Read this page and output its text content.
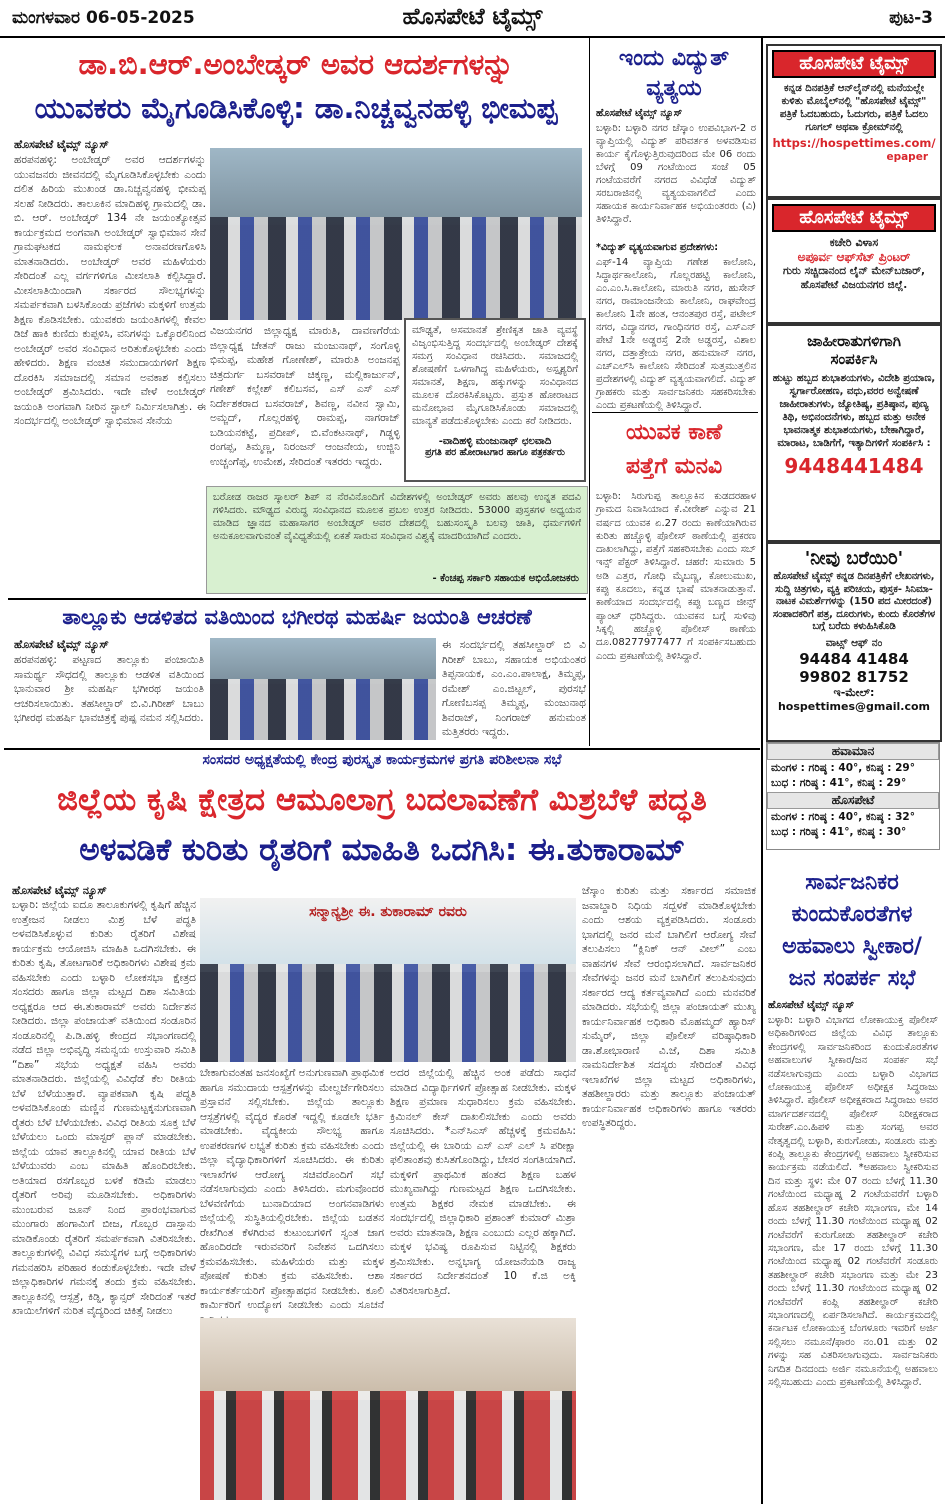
ಮಂಗಳವಾರ 06-05-2025	ಹೊಸಪೇಟೆ ಟೈಮ್ಸ್	ಪುಟ-3
ಡಾ.ಬಿ.ಆರ್.ಅಂಬೇಡ್ಕರ್ ಅವರ ಆದರ್ಶಗಳನ್ನು
ಯುವಕರು ಮೈಗೂಡಿಸಿಕೊಳ್ಳಿ: ಡಾ.ನಿಚ್ಚವ್ವನಹಳ್ಳಿ ಭೀಮಪ್ಪ
ಹೊಸಪೇಟೆ ಟೈಮ್ಸ್ ನ್ಯೂಸ್
ಹರಪನಹಳ್ಳಿ: ಅಂಬೇಡ್ಕರ್ ಅವರ ಆದರ್ಶಗಳನ್ನು ಯುವಜನರು ಜೀವನದಲ್ಲಿ ಮೈಗೂಡಿಸಿಕೊಳ್ಳಬೇಕು ಎಂದು ದಲಿತ ಹಿರಿಯ ಮುಖಂಡ ಡಾ.ನಿಚ್ಚವ್ವನಹಳ್ಳಿ ಭೀಮಪ್ಪ ಸಲಹೆ ನೀಡಿದರು. ತಾಲೂಕಿನ ಮಾದಿಹಳ್ಳಿ ಗ್ರಾಮದಲ್ಲಿ ಡಾ. ಬಿ. ಆರ್. ಅಂಬೇಡ್ಕರ್ 134 ನೇ ಜಯಂತ್ಯೋತ್ಸವ ಕಾರ್ಯಕ್ರಮದ ಅಂಗವಾಗಿ ಅಂಬೇಡ್ಕರ್ ಸ್ವಾಭಿಮಾನ ಸೇನೆ ಗ್ರಾಮಘಟಕದ ನಾಮಫಲಕ ಅನಾವರಣಗೊಳಿಸಿ ಮಾತನಾಡಿದರು. ಅಂಬೇಡ್ಕರ್ ಅವರ ಮಹಿಳೆಯರು ಸೇರಿದಂತೆ ಎಲ್ಲ ವರ್ಗಗಳಿಗೂ ಮೀಸಲಾತಿ ಕಲ್ಪಿಸಿದ್ದಾರೆ. ಮೀಸಲಾತಿಯಿಂದಾಗಿ ಸರ್ಕಾರದ ಸೌಲಭ್ಯಗಳನ್ನು ಸಮರ್ಪಕವಾಗಿ ಬಳಸಿಕೊಂಡು ಪ್ರಜೆಗಳು ಮಕ್ಕಳಿಗೆ ಉತ್ತಮ ಶಿಕ್ಷಣ ಕೊಡಿಸಬೇಕು. ಯುವಕರು ಜಯಂತಿಗಳಲ್ಲಿ ಕೇವಲ ಡಿಜೆ ಹಾಕಿ ಕುಣಿದು ಕುಪ್ಪಳಿಸಿ, ವನಿಗಳನ್ನು ಒಕ್ಕೊರಲಿನಿಂದ ಅಂಬೇಡ್ಕರ್ ಅವರ ಸಂವಿಧಾನ ಅರಿತುಕೊಳ್ಳಬೇಕು ಎಂದು ಹೇಳಿದರು. ಶಿಕ್ಷಣ ವಂಚಿತ ಸಮುದಾಯಗಳಿಗೆ ಶಿಕ್ಷಣ ದೊರಕಿಸಿ ಸಮಾಜದಲ್ಲಿ ಸಮಾನ ಅವಕಾಶ ಕಲ್ಪಿಸಲು ಅಂಬೇಡ್ಕರ್ ಶ್ರಮಿಸಿದರು. ಇದೇ ವೇಳೆ ಅಂಬೇಡ್ಕರ್ ಜಯಂತಿ ಅಂಗವಾಗಿ ನೀರಿನ ಸ್ಟಾಲ್ ನಿರ್ಮಿಸಲಾಗಿತ್ತು. ಈ ಸಂದರ್ಭದಲ್ಲಿ ಅಂಬೇಡ್ಕರ್ ಸ್ವಾಭಿಮಾನ ಸೇನೆಯ
ವಿಜಯನಗರ ಜಿಲ್ಲಾಧ್ಯಕ್ಷ ಮಾರುತಿ, ದಾವಣಗೆರೆಯ ಜಿಲ್ಲಾಧ್ಯಕ್ಷ ಚೇತನ್ ರಾಜು ಮಂಜುನಾಥ್, ಸಂಗೊಳ್ಳಿ ಭಿಮಪ್ಪ, ಮಹೇಶ ಗೋಣೇಶ್, ಮಾರುತಿ ಅಂಜನಪ್ಪ ಚಿತ್ರದುರ್ಗ ಬಸವರಾಜ್ ಚಿಕ್ಕಣ್ಣ, ಮಲ್ಲಿಕಾರ್ಜುನ್, ಗಣೇಶ್ ಕಲ್ಲೇಶ್ ಕಲಿಬಸವ, ಎಸ್ ಎಸ್ ಎಸ್ ನಿರ್ದೇಶಕರಾದ ಬಸವರಾಜ್, ಶಿವಣ್ಣ, ನವೀನ ಸ್ವಾಮಿ, ಅಮ್ಜದ್, ಗೊಲ್ಲರಹಳ್ಳಿ ರಾಮಪ್ಪ, ನಾಗರಾಜ್ ಬಡಿಯನಕಟ್ಟೆ, ಪ್ರದೀಪ್, ಬಿ.ವೆಂಕಟನಾಥ್, ಗಿಡ್ಡಳ್ಳಿ ರಂಗಪ್ಪ, ತಿಮ್ಮಣ್ಣ, ನಿರಂಜನ್ ಆಂಜನೇಯ, ಉಜ್ಜಿನಿ ಉಚ್ಚಂಗೆಪ್ಪ, ಉಮೇಶ, ಸೇರಿದಂತೆ ಇತರರು ಇದ್ದರು.
ಮೌಢ್ಯತೆ, ಅಸಮಾನತೆ ಶ್ರೇಣಿಕೃತ ಜಾತಿ ವ್ಯವಸ್ಥೆ ವಿಜೃಂಭಿಸುತ್ತಿದ್ದ ಸಂದರ್ಭದಲ್ಲಿ ಅಂಬೇಡ್ಕರ್ ದೇಶಕ್ಕೆ ಸಮಗ್ರ ಸಂವಿಧಾನ ರಚಿಸಿದರು. ಸಮಾಜದಲ್ಲಿ ಶೋಷಣೆಗೆ ಒಳಗಾಗಿದ್ದ ಮಹಿಳೆಯರು, ಅಸ್ಪೃಶ್ಯರಿಗೆ ಸಮಾನತೆ, ಶಿಕ್ಷಣ, ಹಕ್ಕುಗಳನ್ನು ಸಂವಿಧಾನದ ಮೂಲಕ ದೊರಕಿಸಿಕೊಟ್ಟರು. ಪ್ರಸ್ತುತ ಹೋರಾಟದ ಮನೋಭಾವ ಮೈಗೂಡಿಸಿಕೊಂಡು ಸಮಾಜದಲ್ಲಿ ಮಾನ್ಯತೆ ಪಡೆದುಕೊಳ್ಳಬೇಕು ಎಂದು ಕರೆ ನೀಡಿದರು.
-ವಾದಿಹಳ್ಳಿ ಮಂಜುನಾಥ್ ಛಲವಾದಿ
ಪ್ರಗತಿ ಪರ ಹೋರಾಟಗಾರ ಹಾಗೂ ಪತ್ರಕರ್ತರು
ಬರೋಡ ರಾಜರ ಸ್ಕಾಲರ್ ಶಿಪ್ ನ ನೆರವಿನೊಂದಿಗೆ ವಿದೇಶಗಳಲ್ಲಿ ಅಂಬೇಡ್ಕರ್ ಅವರು ಹಲವು ಉನ್ನತ ಪದವಿ ಗಳಿಸಿದರು. ಮೌಢ್ಯದ ವಿರುದ್ಧ ಸಂವಿಧಾನದ ಮೂಲಕ ಪ್ರಬಲ ಉತ್ತರ ನೀಡಿದರು. 53000 ಪುಸ್ತಕಗಳ ಅಧ್ಯಯನ ಮಾಡಿದ ಜ್ಞಾನದ ಮಹಾಸಾಗರ ಅಂಬೇಡ್ಕರ್ ಅವರ ದೇಶದಲ್ಲಿ ಬಹುಸಂಸ್ಕೃತಿ ಬಲವು ಜಾತಿ, ಧರ್ಮಗಳಿಗೆ ಅನುಕೂಲವಾಗುವಂತೆ ವೈವಿಧ್ಯತೆಯಲ್ಲಿ ಏಕತೆ ಸಾರುವ ಸಂವಿಧಾನ ವಿಶ್ವಕ್ಕೆ ಮಾದರಿಯಾಗಿದೆ ಎಂದರು.
- ಕೆಂಚಪ್ಪ ಸರ್ಕಾರಿ ಸಹಾಯಕ ಅಭಿಯೋಜಕರು
ತಾಲ್ಲೂಕು ಆಡಳಿತದ ವತಿಯಿಂದ ಭಗೀರಥ ಮಹರ್ಷಿ ಜಯಂತಿ ಆಚರಣೆ
ಹೊಸಪೇಟೆ ಟೈಮ್ಸ್ ನ್ಯೂಸ್
ಹರಪನಹಳ್ಳಿ: ಪಟ್ಟಣದ ತಾಲ್ಲೂಕು ಪಂಚಾಯಿತಿ ಸಾಮರ್ಥ್ಯ ಸೌಧದಲ್ಲಿ ತಾಲ್ಲೂಕು ಆಡಳಿತ ವತಿಯಿಂದ ಭಾನುವಾರ ಶ್ರೀ ಮಹರ್ಷಿ ಭಗೀರಥ ಜಯಂತಿ ಆಚರಿಸಲಾಯಿತು. ತಹಸೀಲ್ದಾರ್ ಬಿ.ವಿ.ಗಿರೀಶ್ ಬಾಬು ಭಗೀರಥ ಮಹರ್ಷಿ ಭಾವಚಿತ್ರಕ್ಕೆ ಪುಷ್ಪ ನಮನ ಸಲ್ಲಿಸಿದರು.
ಈ ಸಂದರ್ಭದಲ್ಲಿ ತಹಸೀಲ್ದಾರ್ ಬಿ ವಿ ಗಿರೀಶ್ ಬಾಬು, ಸಹಾಯಕ ಅಭಿಯಂತರ ತಿಪ್ಪನಾಯಕ, ಎಂ.ಎಂ.ಪಾಲಾಕ್ಷ, ತಿಮ್ಮಪ್ಪ, ರಮೇಶ್ ಎಂ.ಜಿಟ್ಟಲ್, ಪುರಸಭೆ ಗೋಣಿಬಸಪ್ಪ ತಿಮ್ಮಪ್ಪ, ಮಂಜುನಾಥ ಶಿವರಾಜ್, ನಿಂಗರಾಜ್ ಹನುಮಂತ ಮತ್ತಿತರರು ಇದ್ದರು.
ಇಂದು ವಿದ್ಯುತ್
ವ್ಯತ್ಯಯ
ಹೊಸಪೇಟೆ ಟೈಮ್ಸ್ ನ್ಯೂಸ್
ಬಳ್ಳಾರಿ: ಬಳ್ಳಾರಿ ನಗರ ಜೆಸ್ಕಾಂ ಉಪವಿಭಾಗ-2 ರ ವ್ಯಾಪ್ತಿಯಲ್ಲಿ ವಿದ್ಯುತ್ ಪರಿವರ್ತಕ ಅಳವಡಿಸುವ ಕಾರ್ಯ ಕೈಗೊಳ್ಳುತ್ತಿರುವುದರಿಂದ ಮೇ 06 ರಂದು ಬೆಳಗ್ಗೆ 09 ಗಂಟೆಯಿಂದ ಸಂಜೆ 05 ಗಂಟೆಯವರೆಗೆ ನಗರದ ವಿವಿಧೆಡೆ ವಿದ್ಯುತ್ ಸರಬರಾಜಿನಲ್ಲಿ ವ್ಯತ್ಯಯವಾಗಲಿದೆ ಎಂದು ಸಹಾಯಕ ಕಾರ್ಯನಿರ್ವಾಹಕ ಅಭಿಯಂತರರು (ವಿ) ತಿಳಿಸಿದ್ದಾರೆ.
*ವಿದ್ಯುತ್ ವ್ಯತ್ಯಯವಾಗುವ ಪ್ರದೇಶಗಳು:
ಎಫ್-14 ವ್ಯಾಪ್ತಿಯ ಗಣೇಶ ಕಾಲೋನಿ, ಸಿದ್ಧಾರ್ಥಕಾಲೋನಿ, ಗೊಲ್ಲರಹಟ್ಟಿ ಕಾಲೋನಿ, ಎಂ.ಎಂ.ಸಿ.ಕಾಲೋನಿ, ಮಾರುತಿ ನಗರ, ಹುಸೇನ್ ನಗರ, ರಾಮಾಂಜನೇಯ ಕಾಲೋನಿ, ರಾಘವೇಂದ್ರ ಕಾಲೋನಿ 1ನೇ ಹಂತ, ಆನಂತಪುರ ರಸ್ತೆ, ಪಟೇಲ್ ನಗರ, ವಿದ್ಯಾನಗರ, ಗಾಂಧಿನಗರ ರಸ್ತೆ, ಎಸ್‌ಎನ್ ಪೇಟೆ 1ನೇ ಅಡ್ಡರಸ್ತೆ 2ನೇ ಅಡ್ಡರಸ್ತೆ, ವಿಶಾಲ ನಗರ, ದತ್ತಾತ್ರೇಯ ನಗರ, ಹನುಮಾನ್ ನಗರ, ಎಚ್‌ಎಲ್‌ಸಿ ಕಾಲೋನಿ ಸೇರಿದಂತೆ ಸುತ್ತಮುತ್ತಲಿನ ಪ್ರದೇಶಗಳಲ್ಲಿ ವಿದ್ಯುತ್ ವ್ಯತ್ಯಯವಾಗಲಿದೆ. ವಿದ್ಯುತ್ ಗ್ರಾಹಕರು ಮತ್ತು ಸಾರ್ವಜನಿಕರು ಸಹಕರಿಸಬೇಕು ಎಂದು ಪ್ರಕಟಣೆಯಲ್ಲಿ ತಿಳಿಸಿದ್ದಾರೆ.
ಯುವಕ ಕಾಣೆ
ಪತ್ತೆಗೆ ಮನವಿ
ಬಳ್ಳಾರಿ: ಸಿರುಗುಪ್ಪ ತಾಲ್ಲೂಕಿನ ಕುಡದರಹಾಳ ಗ್ರಾಮದ ನಿವಾಸಿಯಾದ ಕೆ.ವೀರೇಶ್ ಎನ್ನುವ 21 ವರ್ಷದ ಯುವಕ ಏ.27 ರಂದು ಕಾಣೆಯಾಗಿರುವ ಕುರಿತು ಹಚ್ಚೊಳ್ಳಿ ಪೊಲೀಸ್ ಠಾಣೆಯಲ್ಲಿ ಪ್ರಕರಣ ದಾಖಲಾಗಿದ್ದು, ಪತ್ತೆಗೆ ಸಹಕರಿಸಬೇಕು ಎಂದು ಸಬ್ ಇನ್ಸ್ ಪೆಕ್ಟರ್ ತಿಳಿಸಿದ್ದಾರೆ. ಚಹರೆ: ಸುಮಾರು 5 ಅಡಿ ಎತ್ತರ, ಗೋಧಿ ಮೈಬಣ್ಣ, ಕೋಲುಮುಖ, ಕಪ್ಪು ಕೂದಲು, ಕನ್ನಡ ಭಾಷೆ ಮಾತನಾಡುತ್ತಾನೆ. ಕಾಣೆಯಾದ ಸಂದರ್ಭದಲ್ಲಿ ಕಪ್ಪು ಬಣ್ಣದ ಜೀನ್ಸ್ ಪ್ಯಾಂಟ್ ಧರಿಸಿದ್ದರು. ಯುವಕನ ಬಗ್ಗೆ ಸುಳಿವು ಸಿಕ್ಕಲ್ಲಿ ಹಚ್ಚೊಳ್ಳಿ ಪೊಲೀಸ್ ಠಾಣೆಯ ದೂ.08277977477 ಗೆ ಸಂಪರ್ಕಿಸಬಹುದು ಎಂದು ಪ್ರಕಟಣೆಯಲ್ಲಿ ತಿಳಿಸಿದ್ದಾರೆ.
ಹೊಸಪೇಟೆ ಟೈಮ್ಸ್
ಕನ್ನಡ ದಿನಪತ್ರಿಕೆ ಆನ್‌ಲೈನ್‌ನಲ್ಲಿ ಮನೆಯಲ್ಲೇ ಕುಳಿತು ಮೊಬೈಲ್‌ನಲ್ಲಿ "ಹೊಸಪೇಟೆ ಟೈಮ್ಸ್" ಪತ್ರಿಕೆ ಓದಬಹುದು, ಓದುಗರು, ಪತ್ರಿಕೆ ಓದಲು ಗೂಗಲ್ ಅಥವಾ ಕ್ರೋಮ್‌ನಲ್ಲಿ
https://hospettimes.com/
epaper
ಹೊಸಪೇಟೆ ಟೈಮ್ಸ್
ಕಚೇರಿ ವಿಳಾಸ
ಅಪೂರ್ವ ಆಫ್‌ಸೆಟ್ ಪ್ರಿಂಟರ್
ಗುರು ಸಚ್ಚಿದಾನಂದ ಲೈನ್ ಮೇನ್‌ಬಜಾರ್, ಹೊಸಪೇಟೆ ವಿಜಯನಗರ ಜಿಲ್ಲೆ.
ಜಾಹೀರಾತುಗಳಿಗಾಗಿ
ಸಂಪರ್ಕಿಸಿ
ಹುಟ್ಟು ಹಬ್ಬದ ಶುಭಾಶಯಗಳು, ವಿದೇಶಿ ಪ್ರಯಾಣ, ಸ್ವರ್ಗಾರೋಹಣ, ವಧು,ವರರ ಅನ್ವೇಷಣೆ ಜಾಹೀರಾತುಗಳು, ಜ್ಯೋತಿಷ್ಯ, ಪ್ರತಿಷ್ಠಾನ, ಪುಣ್ಯ ತಿಥಿ, ಅಭಿನಂದನೆಗಳು, ಹಬ್ಬದ ಮತ್ತು ಅನೇಕ ಭಾವನಾತ್ಮಕ ಶುಭಾಶಯಗಳು, ಬೇಕಾಗಿದ್ದಾರೆ, ಮಾರಾಟ, ಬಾಡಿಗೆಗೆ, ಇತ್ಯಾದಿಗಳಿಗೆ ಸಂಪರ್ಕಿಸಿ :
9448441484
'ನೀವು ಬರೆಯಿರಿ'
ಹೊಸಪೇಟೆ ಟೈಮ್ಸ್ ಕನ್ನಡ ದಿನಪತ್ರಿಕೆಗೆ ಲೇಖನಗಳು, ಸುದ್ದಿ ಚಿತ್ರಗಳು, ವ್ಯಕ್ತಿ ಪರಿಚಯ, ಪುಸ್ತಕ- ಸಿನಿಮಾ-ನಾಟಕ ವಿಮರ್ಶೆಗಳನ್ನು (150 ಪದ ಮೀರದಂತೆ) ಸಂಪಾದಕರಿಗೆ ಪತ್ರ, ದೂರುಗಳು, ಕುಂದು ಕೊರತೆಗಳ ಬಗ್ಗೆ ಬರೆದು ಕಳುಹಿಸಿಕೊಡಿ
ವಾಟ್ಸ್ ಆಫ್ ನಂ
94484 41484
99802 81752
ಇ-ಮೇಲ್: hospettimes@gmail.com
ಹವಾಮಾನ
ಮಂಗಳ : ಗರಿಷ್ಠ : 40°, ಕನಿಷ್ಠ : 29°
ಬುಧ : ಗರಿಷ್ಠ : 41°, ಕನಿಷ್ಠ : 29°
ಹೊಸಪೇಟೆ
ಮಂಗಳ : ಗರಿಷ್ಠ : 40°, ಕನಿಷ್ಠ : 32°
ಬುಧ : ಗರಿಷ್ಠ : 41°, ಕನಿಷ್ಠ : 30°
ಸಾರ್ವಜನಿಕರ
ಕುಂದುಕೊರತೆಗಳ
ಅಹವಾಲು ಸ್ವೀಕಾರ/
ಜನ ಸಂಪರ್ಕ ಸಭೆ
ಹೊಸಪೇಟೆ ಟೈಮ್ಸ್ ನ್ಯೂಸ್
ಬಳ್ಳಾರಿ: ಬಳ್ಳಾರಿ ವಿಭಾಗದ ಲೋಕಾಯುಕ್ತ ಪೊಲೀಸ್ ಅಧಿಕಾರಿಗಳಿಂದ ಜಿಲ್ಲೆಯ ವಿವಿಧ ತಾಲ್ಲೂಕು ಕೇಂದ್ರಗಳಲ್ಲಿ ಸಾರ್ವಜನಿಕರಿಂದ ಕುಂದುಕೊರತೆಗಳ ಅಹವಾಲುಗಳ ಸ್ವೀಕಾರ/ಜನ ಸಂಪರ್ಕ ಸಭೆ ನಡೆಸಲಾಗುವುದು ಎಂದು ಬಳ್ಳಾರಿ ವಿಭಾಗದ ಲೋಕಾಯುಕ್ತ ಪೊಲೀಸ್ ಅಧೀಕ್ಷಕ ಸಿದ್ಧರಾಜು ತಿಳಿಸಿದ್ದಾರೆ. ಪೊಲೀಸ್ ಅಧೀಕ್ಷಕರಾದ ಸಿದ್ಧರಾಜು ಅವರ ಮಾರ್ಗದರ್ಶನದಲ್ಲಿ ಪೊಲೀಸ್ ನಿರೀಕ್ಷಕರಾದ ಸುರೇಶ್.ಎಂ.ಹಿಪಳಿ ಮತ್ತು ಸಂಗಪ್ಪ ಅವರ ನೇತೃತ್ವದಲ್ಲಿ ಬಳ್ಳಾರಿ, ಕುರುಗೋಡು, ಸಂಡೂರು ಮತ್ತು ಕಂಪ್ಲಿ ತಾಲ್ಲೂಕು ಕೇಂದ್ರಗಳಲ್ಲಿ ಅಹವಾಲು ಸ್ವೀಕರಿಸುವ ಕಾರ್ಯಕ್ರಮ ನಡೆಯಲಿದೆ. *ಅಹವಾಲು ಸ್ವೀಕರಿಸುವ ದಿನ ಮತ್ತು ಸ್ಥಳ: ಮೇ 07 ರಂದು ಬೆಳಗ್ಗೆ 11.30 ಗಂಟೆಯಿಂದ ಮಧ್ಯಾಹ್ನ 2 ಗಂಟೆಯವರೆಗೆ ಬಳ್ಳಾರಿ ಹೊಸ ತಹಶೀಲ್ದಾರ್ ಕಚೇರಿ ಸಭಾಂಗಣ, ಮೇ 14 ರಂದು ಬೆಳಗ್ಗೆ 11.30 ಗಂಟೆಯಿಂದ ಮಧ್ಯಾಹ್ನ 02 ಗಂಟೆವರೆಗೆ ಕುರುಗೋಡು ತಹಶೀಲ್ದಾರ್ ಕಚೇರಿ ಸಭಾಂಗಣ, ಮೇ 17 ರಂದು ಬೆಳಗ್ಗೆ 11.30 ಗಂಟೆಯಿಂದ ಮಧ್ಯಾಹ್ನ 02 ಗಂಟೆವರೆಗೆ ಸಂಡೂರು ತಹಶೀಲ್ದಾರ್ ಕಚೇರಿ ಸಭಾಂಗಣ ಮತ್ತು ಮೇ 23 ರಂದು ಬೆಳಗ್ಗೆ 11.30 ಗಂಟೆಯಿಂದ ಮಧ್ಯಾಹ್ನ 02 ಗಂಟೆವರೆಗೆ ಕಂಪ್ಲಿ ತಹಶೀಲ್ದಾರ್ ಕಚೇರಿ ಸಭಾಂಗಣದಲ್ಲಿ ಏರ್ಪಡಿಸಲಾಗಿದೆ. ಕಾರ್ಯಕ್ರಮದಲ್ಲಿ ಕರ್ನಾಟಕ ಲೋಕಾಯುಕ್ತ ಬೆಂಗಳೂರು ಇವರಿಗೆ ಅರ್ಜಿ ಸಲ್ಲಿಸಲು ನಮೂನೆ/ಫಾರಂ ನಂ.01 ಮತ್ತು 02 ಗಳನ್ನು ಸಹ ವಿತರಿಸಲಾಗುವುದು. ಸಾರ್ವಜನಿಕರು ನಿಗದಿತ ದಿನದಂದು ಅರ್ಜಿ ನಮೂನೆಯಲ್ಲಿ ಅಹವಾಲು ಸಲ್ಲಿಸಬಹುದು ಎಂದು ಪ್ರಕಟಣೆಯಲ್ಲಿ ತಿಳಿಸಿದ್ದಾರೆ.
ಸಂಸದರ ಅಧ್ಯಕ್ಷತೆಯಲ್ಲಿ ಕೇಂದ್ರ ಪುರಸ್ಕೃತ ಕಾರ್ಯಕ್ರಮಗಳ ಪ್ರಗತಿ ಪರಿಶೀಲನಾ ಸಭೆ
ಜಿಲ್ಲೆಯ ಕೃಷಿ ಕ್ಷೇತ್ರದ ಆಮೂಲಾಗ್ರ ಬದಲಾವಣೆಗೆ ಮಿಶ್ರಬೆಳೆ ಪದ್ಧತಿ
ಅಳವಡಿಕೆ ಕುರಿತು ರೈತರಿಗೆ ಮಾಹಿತಿ ಒದಗಿಸಿ: ಈ.ತುಕಾರಾಮ್
ಹೊಸಪೇಟೆ ಟೈಮ್ಸ್ ನ್ಯೂಸ್
ಬಳ್ಳಾರಿ: ಜಿಲ್ಲೆಯ ಐದೂ ತಾಲೂಕುಗಳಲ್ಲಿ ಕೃಷಿಗೆ ಹೆಚ್ಚಿನ ಉತ್ತೇಜನ ನೀಡಲು ಮಿಶ್ರ ಬೆಳೆ ಪದ್ಧತಿ ಅಳವಡಿಸಿಕೊಳ್ಳುವ ಕುರಿತು ರೈತರಿಗೆ ವಿಶೇಷ ಕಾರ್ಯಕ್ರಮ ಆಯೋಜಿಸಿ ಮಾಹಿತಿ ಒದಗಿಸಬೇಕು. ಈ ಕುರಿತು ಕೃಷಿ, ತೋಟಗಾರಿಕೆ ಅಧಿಕಾರಿಗಳು ವಿಶೇಷ ಕ್ರಮ ವಹಿಸಬೇಕು ಎಂದು ಬಳ್ಳಾರಿ ಲೋಕಸಭಾ ಕ್ಷೇತ್ರದ ಸಂಸದರು ಹಾಗೂ ಜಿಲ್ಲಾ ಮಟ್ಟದ ದಿಶಾ ಸಮಿತಿಯ ಅಧ್ಯಕ್ಷರೂ ಆದ ಈ.ತುಕಾರಾಮ್ ಅವರು ನಿರ್ದೇಶನ ನೀಡಿದರು. ಜಿಲ್ಲಾ ಪಂಚಾಯತ್ ವತಿಯಿಂದ ಸಂಡೂರಿನ ಸಂಡೂರಿನಲ್ಲಿ ಪಿ.ಡಿ.ಹಳ್ಳಿ ಕೇಂದ್ರದ ಸಭಾಂಗಣದಲ್ಲಿ ನಡೆದ ಜಿಲ್ಲಾ ಅಭಿವೃದ್ಧಿ ಸಮನ್ವಯ ಉಸ್ತುವಾರಿ ಸಮಿತಿ “ದಿಶಾ” ಸಭೆಯ ಅಧ್ಯಕ್ಷತೆ ವಹಿಸಿ ಅವರು ಮಾತನಾಡಿದರು. ಜಿಲ್ಲೆಯಲ್ಲಿ ವಿವಿಧೆಡೆ ಕೆಲ ರೀತಿಯ ಬೆಳೆ ಬೆಳೆಯುತ್ತಾರೆ. ವ್ಯಾಪಕವಾಗಿ ಕೃಷಿ ಪದ್ಧತಿ ಅಳವಡಿಸಿಕೊಂಡು ಮಣ್ಣಿನ ಗುಣಮಟ್ಟಕ್ಕನುಗುಣವಾಗಿ ರೈತರು ಬೆಳೆ ಬೆಳೆಯಬೇಕು. ವಿವಿಧ ರೀತಿಯ ಸೂಕ್ತ ಬೆಳೆ ಬೆಳೆಯಲು ಒಂದು ಮಾಸ್ಟರ್ ಪ್ಲಾನ್ ಮಾಡಬೇಕು. ಜಿಲ್ಲೆಯ ಯಾವ ತಾಲ್ಲೂಕಿನಲ್ಲಿ ಯಾವ ರೀತಿಯ ಬೆಳೆ ಬೆಳೆಯುವರು ಎಂಬ ಮಾಹಿತಿ ಹೊಂದಿರಬೇಕು. ಅತಿಯಾದ ರಸಗೊಬ್ಬರ ಬಳಕೆ ಕಡಿಮೆ ಮಾಡಲು ರೈತರಿಗೆ ಅರಿವು ಮೂಡಿಸಬೇಕು. ಅಧಿಕಾರಿಗಳು ಮುಂಬರುವ ಜೂನ್ ನಿಂದ ಪ್ರಾರಂಭವಾಗುವ ಮುಂಗಾರು ಹಂಗಾಮಿಗೆ ಬೀಜ, ಗೊಬ್ಬರ ದಾಸ್ತಾನು ಮಾಡಿಕೊಂಡು ರೈತರಿಗೆ ಸಮರ್ಪಕವಾಗಿ ವಿತರಿಸಬೇಕು. ತಾಲ್ಲೂಕುಗಳಲ್ಲಿ ವಿವಿಧ ಸಮಸ್ಯೆಗಳ ಬಗ್ಗೆ ಅಧಿಕಾರಿಗಳು ಗಮನಹರಿಸಿ ಪರಿಹಾರ ಕಂಡುಕೊಳ್ಳಬೇಕು. ಇದೇ ವೇಳೆ ಜಿಲ್ಲಾಧಿಕಾರಿಗಳ ಗಮನಕ್ಕೆ ತಂದು ಕ್ರಮ ವಹಿಸಬೇಕು. ತಾಲ್ಲೂಕಿನಲ್ಲಿ ಆಸ್ಪತ್ರೆ, ಕಿಡ್ನಿ, ಕ್ಯಾನ್ಸರ್ ಸೇರಿದಂತೆ ಇತರೆ ಖಾಯಿಲೆಗಳಿಗೆ ನುರಿತ ವೈದ್ಯರಿಂದ ಚಿಕಿತ್ಸೆ ನೀಡಲು
ಸನ್ಮಾನ್ಯಶ್ರೀ ಈ. ತುಕಾರಾಮ್ ರವರು
ಬೇಕಾಗುವಂತಹ ಜನಸಂಖ್ಯೆಗೆ ಅನುಗುಣವಾಗಿ ಪ್ರಾಥಮಿಕ ಹಾಗೂ ಸಮುದಾಯ ಆಸ್ಪತ್ರೆಗಳನ್ನು ಮೇಲ್ದರ್ಜೆಗೇರಿಸಲು ಪ್ರಸ್ತಾವನೆ ಸಲ್ಲಿಸಬೇಕು. ಜಿಲ್ಲೆಯ ತಾಲ್ಲೂಕು ಆಸ್ಪತ್ರೆಗಳಲ್ಲಿ ವೈದ್ಯರ ಕೊರತೆ ಇದ್ದಲ್ಲಿ ಕೂಡಲೇ ಭರ್ತಿ ಮಾಡಬೇಕು. ವೈದ್ಯಕೀಯ ಸೌಲಭ್ಯ ಹಾಗೂ ಉಪಕರಣಗಳ ಲಭ್ಯತೆ ಕುರಿತು ಕ್ರಮ ವಹಿಸಬೇಕು ಎಂದು ಜಿಲ್ಲಾ ವೈದ್ಯಾಧಿಕಾರಿಗಳಿಗೆ ಸೂಚಿಸಿದರು. ಈ ಕುರಿತು ಇಲಾಖೆಗಳ ಆರೋಗ್ಯ ಸಚಿವರೊಂದಿಗೆ ಸಭೆ ನಡೆಸಲಾಗುವುದು ಎಂದು ತಿಳಿಸಿದರು. ಮಗುವೊಂದರ ಬೆಳವಣಿಗೆಯ ಬುನಾದಿಯಾದ ಅಂಗನವಾಡಿಗಳು ಜಿಲ್ಲೆಯಲ್ಲಿ ಸುಸ್ಥಿತಿಯಲ್ಲಿರಬೇಕು. ಜಿಲ್ಲೆಯ ಬಡತನ ರೇಖೆಗಿಂತ ಕೆಳಗಿರುವ ಕುಟುಂಬಗಳಿಗೆ ಸ್ವಂತ ಜಾಗ ಹೊಂದಿರದೇ ಇರುವವರಿಗೆ ನಿವೇಶನ ಒದಗಿಸಲು ಕ್ರಮವಹಿಸಬೇಕು. ಮಹಿಳೆಯರು ಮತ್ತು ಮಕ್ಕಳ ಪೋಷಣೆ ಕುರಿತು ಕ್ರಮ ವಹಿಸಬೇಕು. ಆಶಾ ಕಾರ್ಯಕರ್ತೆಯರಿಗೆ ಪ್ರೋತ್ಸಾಹಧನ ನೀಡಬೇಕು. ಕೂಲಿ ಕಾರ್ಮಿಕರಿಗೆ ಉದ್ಯೋಗ ನೀಡಬೇಕು ಎಂದು ಸೂಚನೆ
ಅದರ ಜಿಲ್ಲೆಯಲ್ಲಿ ಹೆಚ್ಚಿನ ಅಂಕ ಪಡೆದು ಸಾಧನೆ ಮಾಡಿದ ವಿದ್ಯಾರ್ಥಿಗಳಿಗೆ ಪ್ರೋತ್ಸಾಹ ನೀಡಬೇಕು. ಮಕ್ಕಳ ಶಿಕ್ಷಣ ಪ್ರಮಾಣ ಸುಧಾರಿಸಲು ಕ್ರಮ ವಹಿಸಬೇಕು. ಕ್ರಿಮಿನಲ್ ಕೇಸ್ ದಾಖಲಿಸಬೇಕು ಎಂದು ಅವರು ಸೂಚಿಸಿದರು. *ಎನ್‌ಸಿಎಸ್ ಹೆಚ್ಚಳಕ್ಕೆ ಕ್ರಮವಹಿಸಿ: ಜಿಲ್ಲೆಯಲ್ಲಿ ಈ ಬಾರಿಯ ಎಸ್ ಎಸ್ ಎಲ್ ಸಿ ಪರೀಕ್ಷಾ ಫಲಿತಾಂಶವು ಕುಸಿತಗೊಂಡಿದ್ದು, ಬೇಸರ ಸಂಗತಿಯಾಗಿದೆ. ಮಕ್ಕಳಿಗೆ ಪ್ರಾಥಮಿಕ ಹಂತದ ಶಿಕ್ಷಣ ಬಹಳ ಮುಖ್ಯವಾಗಿದ್ದು ಗುಣಮಟ್ಟದ ಶಿಕ್ಷಣ ಒದಗಿಸಬೇಕು. ಉತ್ತಮ ಶಿಕ್ಷಕರ ನೇಮಕ ಮಾಡಬೇಕು. ಈ ಸಂದರ್ಭದಲ್ಲಿ ಜಿಲ್ಲಾಧಿಕಾರಿ ಪ್ರಶಾಂತ್ ಕುಮಾರ್ ಮಿಶ್ರಾ ಅವರು ಮಾತನಾಡಿ, ಶಿಕ್ಷಣ ಎಂಬುದು ಎಲ್ಲರ ಹಕ್ಕಾಗಿದೆ. ಮಕ್ಕಳ ಭವಿಷ್ಯ ರೂಪಿಸುವ ನಿಟ್ಟಿನಲ್ಲಿ ಶಿಕ್ಷಕರು ಶ್ರಮಿಸಬೇಕು. ಅನ್ನಭಾಗ್ಯ ಯೋಜನೆಯಡಿ ರಾಜ್ಯ ಸರ್ಕಾರದ ನಿರ್ದೇಶನದಂತೆ 10 ಕೆ.ಜಿ ಅಕ್ಕಿ ವಿತರಿಸಲಾಗುತ್ತಿದೆ.
ಜೆಸ್ಕಾಂ ಕುರಿತು ಮತ್ತು ಸರ್ಕಾರದ ಸಮಾಜಿಕ ಜವಾಬ್ದಾರಿ ನಿಧಿಯ ಸದ್ಬಳಕೆ ಮಾಡಿಕೊಳ್ಳಬೇಕು ಎಂದು ಆಶಯ ವ್ಯಕ್ತಪಡಿಸಿದರು. ಸಂಡೂರು ಭಾಗದಲ್ಲಿ ಜನರ ಮನೆ ಬಾಗಿಲಿಗೆ ಆರೋಗ್ಯ ಸೇವೆ ತಲುಪಿಸಲು “ಕ್ಲಿನಿಕ್ ಆನ್ ವೀಲ್” ಎಂಬ ವಾಹನಗಳ ಸೇವೆ ಆರಂಭಿಸಲಾಗಿದೆ. ಸಾರ್ವಜನಿಕರ ಸೇವೆಗಳನ್ನು ಜನರ ಮನೆ ಬಾಗಿಲಿಗೆ ತಲುಪಿಸುವುದು ಸರ್ಕಾರದ ಆದ್ಯ ಕರ್ತವ್ಯವಾಗಿದೆ ಎಂದು ಮನವರಿಕೆ ಮಾಡಿದರು. ಸಭೆಯಲ್ಲಿ ಜಿಲ್ಲಾ ಪಂಚಾಯತ್ ಮುಖ್ಯ ಕಾರ್ಯನಿರ್ವಾಹಕ ಅಧಿಕಾರಿ ಮೊಹಮ್ಮದ್ ಹ್ಯಾರಿಸ್ ಸುಮೈರ್, ಜಿಲ್ಲಾ ಪೊಲೀಸ್ ವರಿಷ್ಠಾಧಿಕಾರಿ ಡಾ.ಶೋಭಾರಾಣಿ ವಿ.ಜೆ, ದಿಶಾ ಸಮಿತಿ ನಾಮನಿರ್ದೇಶಿತ ಸದಸ್ಯರು ಸೇರಿದಂತೆ ವಿವಿಧ ಇಲಾಖೆಗಳ ಜಿಲ್ಲಾ ಮಟ್ಟದ ಅಧಿಕಾರಿಗಳು, ತಹಶೀಲ್ದಾರರು ಮತ್ತು ತಾಲ್ಲೂಕು ಪಂಚಾಯತ್ ಕಾರ್ಯನಿರ್ವಾಹಕ ಅಧಿಕಾರಿಗಳು ಹಾಗೂ ಇತರರು ಉಪಸ್ಥಿತರಿದ್ದರು.
